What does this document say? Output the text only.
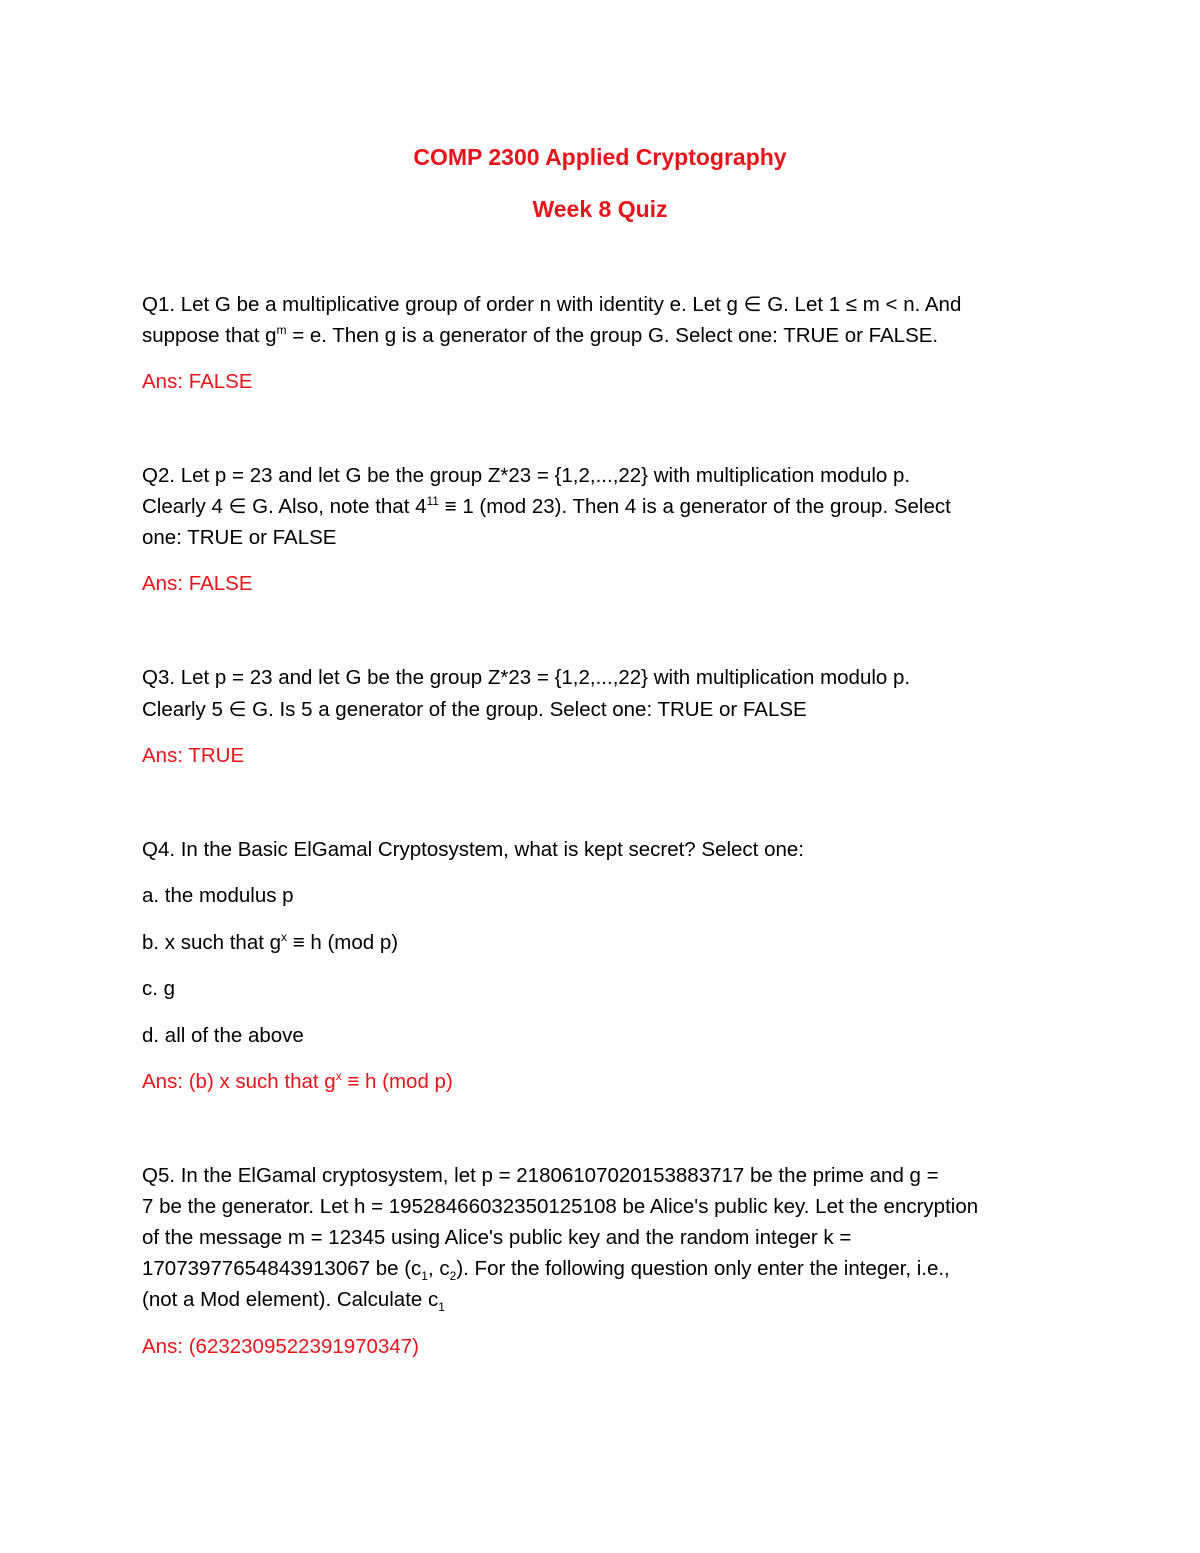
COMP 2300 Applied Cryptography
Week 8 Quiz

Q1. Let G be a multiplicative group of order n with identity e. Let g ∈ G. Let 1 ≤ m < n. And

suppose that $g^m = e$. Then g is a generator of the group G. Select one: TRUE or FALSE.

Ans: FALSE

Q2. Let p = 23 and let G be the group Z*23 = {1,2,...,22} with multiplication modulo p.

Clearly 4 ∈ G. Also, note that $4^{11} \equiv 1$ (mod 23). Then 4 is a generator of the group. Select

one: TRUE or FALSE

Ans: FALSE

Q3. Let p = 23 and let G be the group Z*23 = {1,2,...,22} with multiplication modulo p.

Clearly 5 ∈ G. Is 5 a generator of the group. Select one: TRUE or FALSE

Ans: TRUE

Q4. In the Basic ElGamal Cryptosystem, what is kept secret? Select one:

a. the modulus p

b. x such that $g^x \equiv h$ (mod p)

c. g

d. all of the above

Ans: (b) x such that $g^x \equiv h$ (mod p)

Q5. In the ElGamal cryptosystem, let p = 21806107020153883717 be the prime and g =

7 be the generator. Let h = 19528466032350125108 be Alice's public key. Let the encryption

of the message m = 12345 using Alice's public key and the random integer k =

17073977654843913067 be ($c_1$, $c_2$). For the following question only enter the integer, i.e.,

(not a Mod element). Calculate $c_1$

Ans: (6232309522391970347)
